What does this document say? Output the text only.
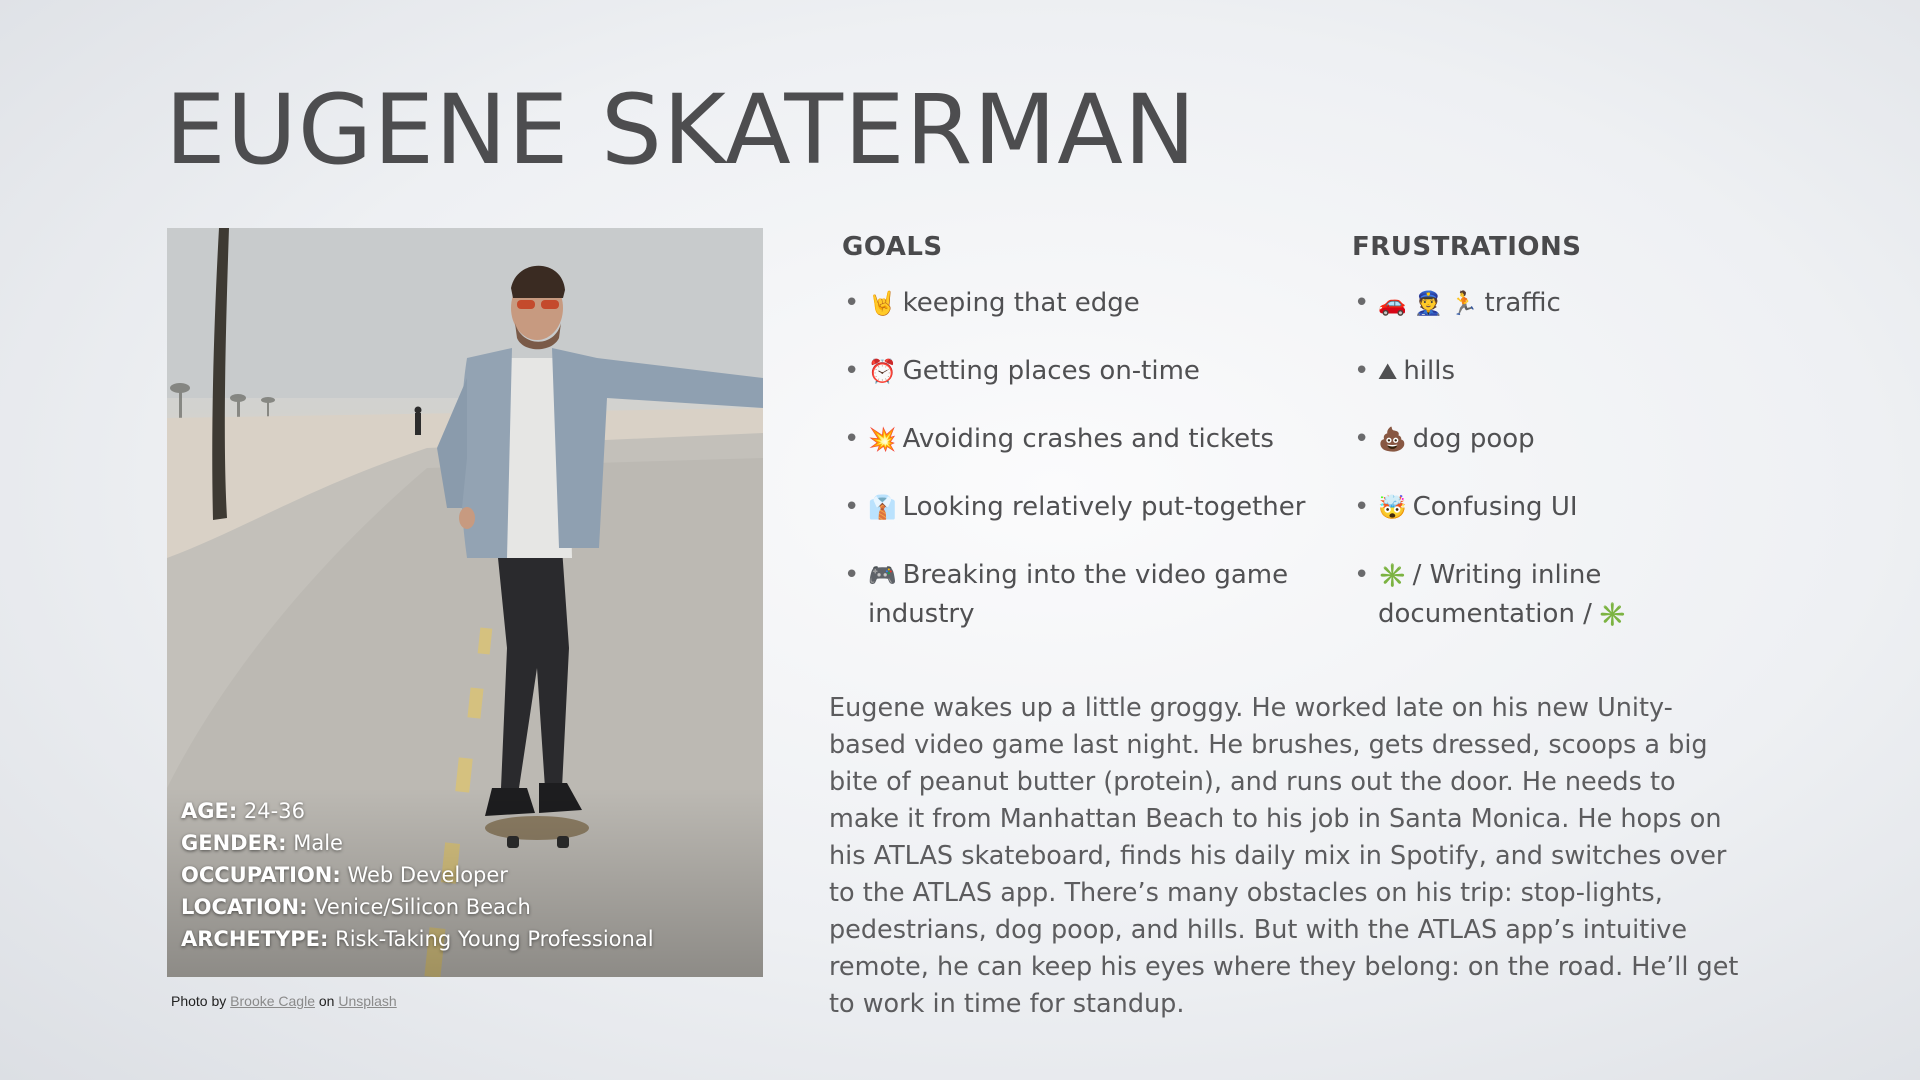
EUGENE SKATERMAN
AGE: 24-36
GENDER: Male
OCCUPATION: Web Developer
LOCATION: Venice/Silicon Beach
ARCHETYPE: Risk-Taking Young Professional
Photo by Brooke Cagle on Unsplash
GOALS
• 🤘 keeping that edge
• ⏰ Getting places on-time
• 💥 Avoiding crashes and tickets
• 👔 Looking relatively put-together
• 🎮 Breaking into the video game industry
FRUSTRATIONS
• 🚗 👮 🏃 traffic
• ⛰ hills
• 💩 dog poop
• 🤯 Confusing UI
• ✳️ / Writing inline documentation / ✳️

Eugene wakes up a little groggy. He worked late on his new Unity-based video game last night. He brushes, gets dressed, scoops a big bite of peanut butter (protein), and runs out the door. He needs to make it from Manhattan Beach to his job in Santa Monica. He hops on his ATLAS skateboard, finds his daily mix in Spotify, and switches over to the ATLAS app. There’s many obstacles on his trip: stop-lights, pedestrians, dog poop, and hills. But with the ATLAS app’s intuitive remote, he can keep his eyes where they belong: on the road. He’ll get to work in time for standup.
